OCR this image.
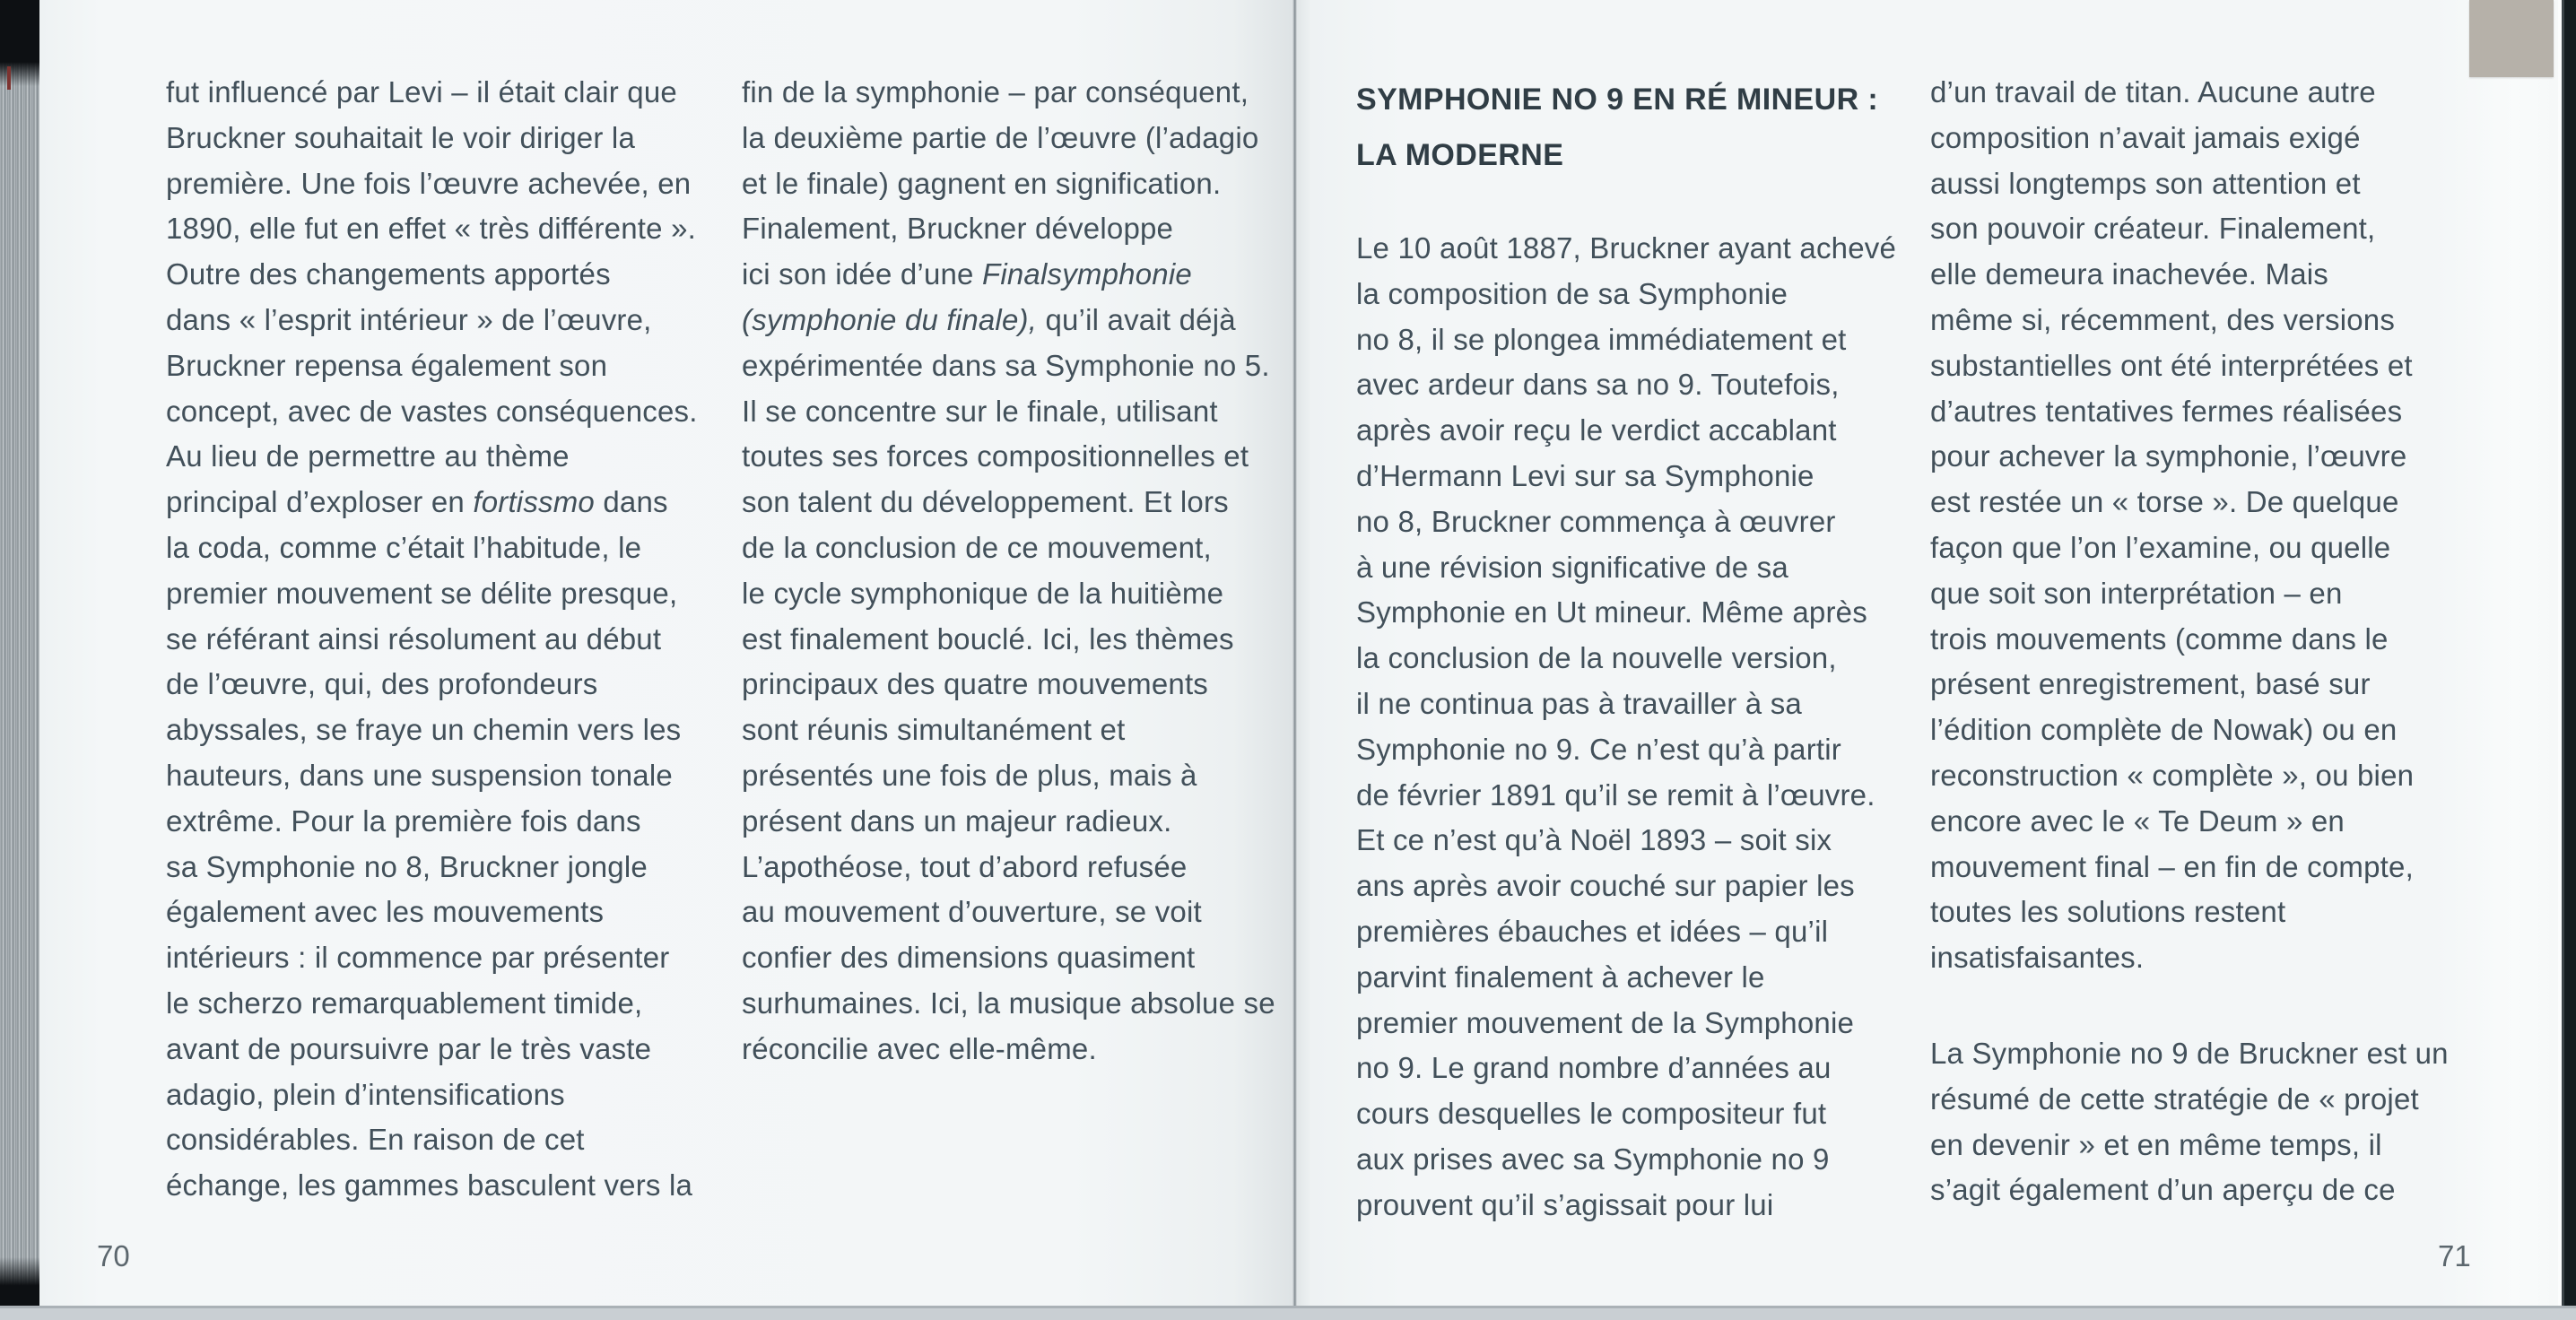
fut influencé par Levi – il était clair que
Bruckner souhaitait le voir diriger la
première. Une fois l’œuvre achevée, en
1890, elle fut en effet « très différente ».
Outre des changements apportés
dans « l’esprit intérieur » de l’œuvre,
Bruckner repensa également son
concept, avec de vastes conséquences.
Au lieu de permettre au thème
principal d’exploser en fortissmo dans
la coda, comme c’était l’habitude, le
premier mouvement se délite presque,
se référant ainsi résolument au début
de l’œuvre, qui, des profondeurs
abyssales, se fraye un chemin vers les
hauteurs, dans une suspension tonale
extrême. Pour la première fois dans
sa Symphonie no 8, Bruckner jongle
également avec les mouvements
intérieurs : il commence par présenter
le scherzo remarquablement timide,
avant de poursuivre par le très vaste
adagio, plein d’intensifications
considérables. En raison de cet
échange, les gammes basculent vers la
fin de la symphonie – par conséquent,
la deuxième partie de l’œuvre (l’adagio
et le finale) gagnent en signification.
Finalement, Bruckner développe
ici son idée d’une Finalsymphonie
(symphonie du finale), qu’il avait déjà
expérimentée dans sa Symphonie no 5.
Il se concentre sur le finale, utilisant
toutes ses forces compositionnelles et
son talent du développement. Et lors
de la conclusion de ce mouvement,
le cycle symphonique de la huitième
est finalement bouclé. Ici, les thèmes
principaux des quatre mouvements
sont réunis simultanément et
présentés une fois de plus, mais à
présent dans un majeur radieux.
L’apothéose, tout d’abord refusée
au mouvement d’ouverture, se voit
confier des dimensions quasiment
surhumaines. Ici, la musique absolue se
réconcilie avec elle-même.
SYMPHONIE NO 9 EN RÉ MINEUR :
LA MODERNE
Le 10 août 1887, Bruckner ayant achevé
la composition de sa Symphonie
no 8, il se plongea immédiatement et
avec ardeur dans sa no 9. Toutefois,
après avoir reçu le verdict accablant
d’Hermann Levi sur sa Symphonie
no 8, Bruckner commença à œuvrer
à une révision significative de sa
Symphonie en Ut mineur. Même après
la conclusion de la nouvelle version,
il ne continua pas à travailler à sa
Symphonie no 9. Ce n’est qu’à partir
de février 1891 qu’il se remit à l’œuvre.
Et ce n’est qu’à Noël 1893 – soit six
ans après avoir couché sur papier les
premières ébauches et idées – qu’il
parvint finalement à achever le
premier mouvement de la Symphonie
no 9. Le grand nombre d’années au
cours desquelles le compositeur fut
aux prises avec sa Symphonie no 9
prouvent qu’il s’agissait pour lui
d’un travail de titan. Aucune autre
composition n’avait jamais exigé
aussi longtemps son attention et
son pouvoir créateur. Finalement,
elle demeura inachevée. Mais
même si, récemment, des versions
substantielles ont été interprétées et
d’autres tentatives fermes réalisées
pour achever la symphonie, l’œuvre
est restée un « torse ». De quelque
façon que l’on l’examine, ou quelle
que soit son interprétation – en
trois mouvements (comme dans le
présent enregistrement, basé sur
l’édition complète de Nowak) ou en
reconstruction « complète », ou bien
encore avec le « Te Deum » en
mouvement final – en fin de compte,
toutes les solutions restent
insatisfaisantes.
La Symphonie no 9 de Bruckner est un
résumé de cette stratégie de « projet
en devenir » et en même temps, il
s’agit également d’un aperçu de ce
70	71
